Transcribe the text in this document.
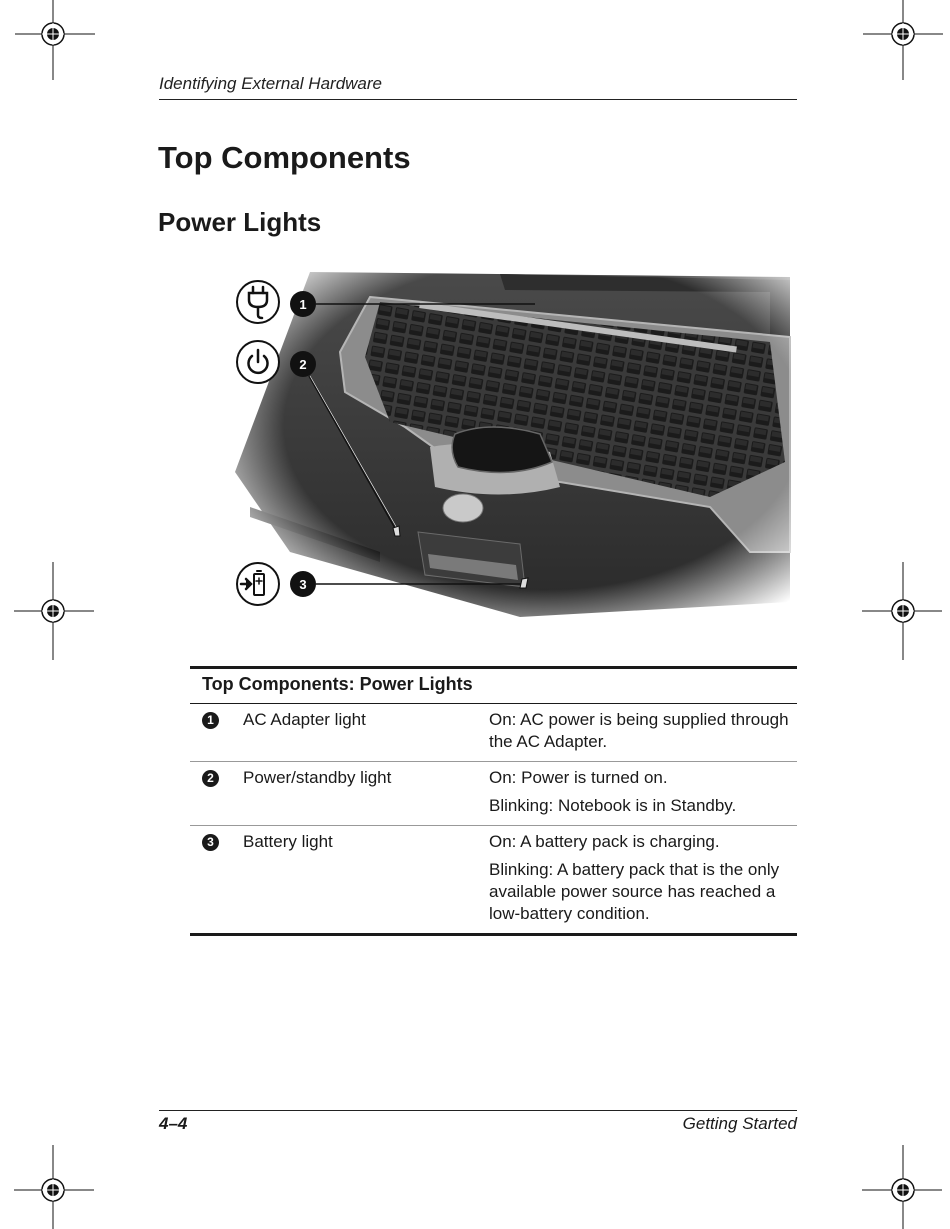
Identifying External Hardware
Top Components
Power Lights
1
2
3
Top Components: Power Lights
1	AC Adapter light	On: AC power is being supplied through the AC Adapter.

2	Power/standby light	On: Power is turned on.

Blinking: Notebook is in Standby.

3	Battery light	On: A battery pack is charging.

Blinking: A battery pack that is the only available power source has reached a low-battery condition.

4–4	Getting Started
